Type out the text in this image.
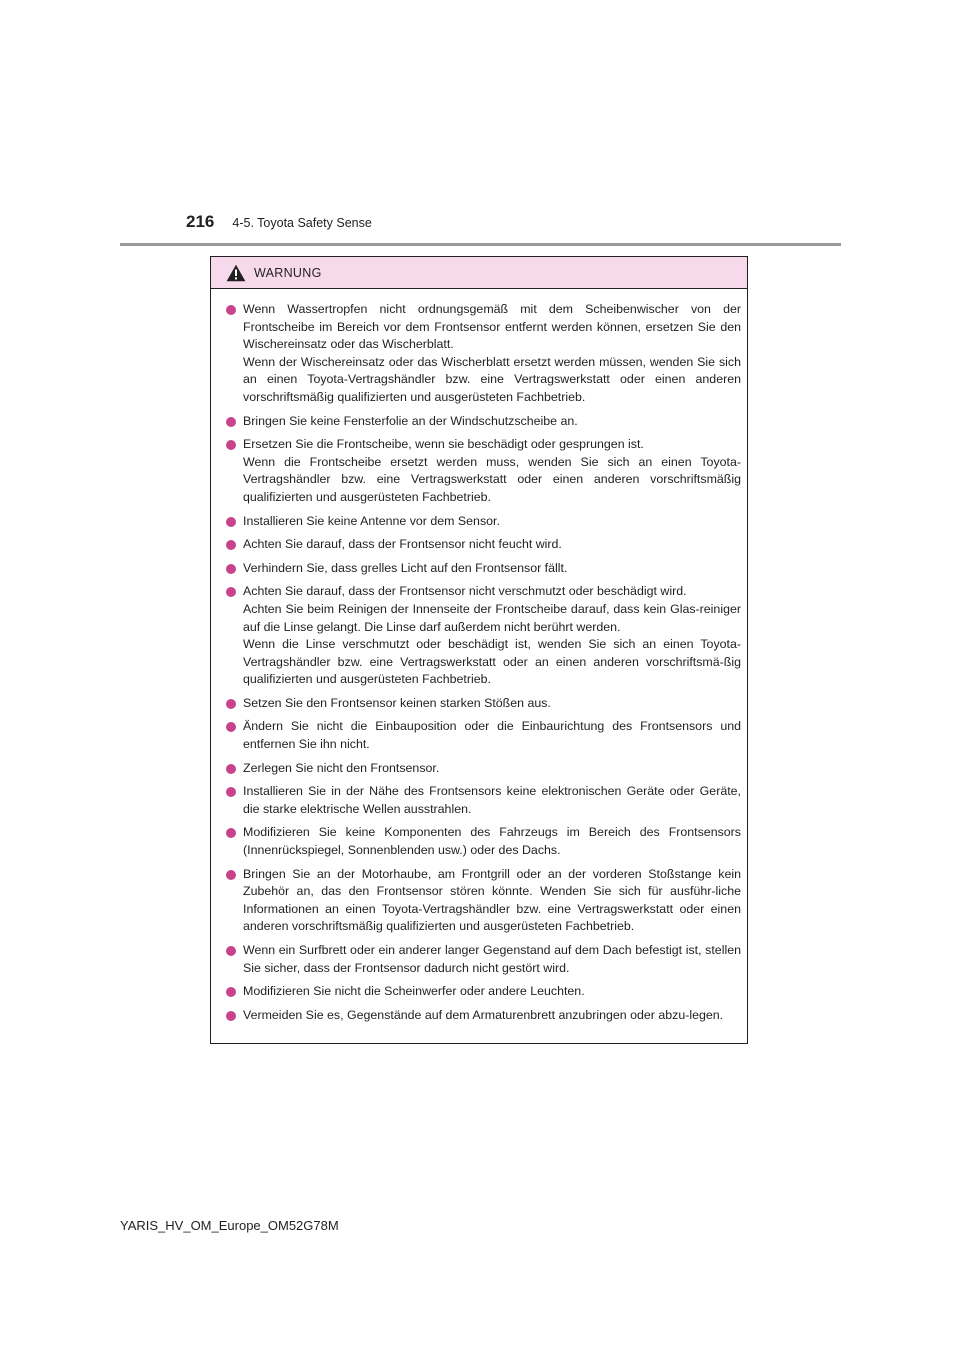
216 4-5. Toyota Safety Sense
WARNUNG

Wenn Wassertropfen nicht ordnungsgemäß mit dem Scheibenwischer von der Frontscheibe im Bereich vor dem Frontsensor entfernt werden können, ersetzen Sie den Wischereinsatz oder das Wischerblatt.

Wenn der Wischereinsatz oder das Wischerblatt ersetzt werden müssen, wenden Sie sich an einen Toyota-Vertragshändler bzw. eine Vertragswerkstatt oder einen anderen vorschriftsmäßig qualifizierten und ausgerüsteten Fachbetrieb.

Bringen Sie keine Fensterfolie an der Windschutzscheibe an.

Ersetzen Sie die Frontscheibe, wenn sie beschädigt oder gesprungen ist.

Wenn die Frontscheibe ersetzt werden muss, wenden Sie sich an einen Toyota-Vertragshändler bzw. eine Vertragswerkstatt oder einen anderen vorschriftsmäßig qualifizierten und ausgerüsteten Fachbetrieb.

Installieren Sie keine Antenne vor dem Sensor.

Achten Sie darauf, dass der Frontsensor nicht feucht wird.

Verhindern Sie, dass grelles Licht auf den Frontsensor fällt.

Achten Sie darauf, dass der Frontsensor nicht verschmutzt oder beschädigt wird.

Achten Sie beim Reinigen der Innenseite der Frontscheibe darauf, dass kein Glas-reiniger auf die Linse gelangt. Die Linse darf außerdem nicht berührt werden.

Wenn die Linse verschmutzt oder beschädigt ist, wenden Sie sich an einen Toyota-Vertragshändler bzw. eine Vertragswerkstatt oder an einen anderen vorschriftsmä-ßig qualifizierten und ausgerüsteten Fachbetrieb.

Setzen Sie den Frontsensor keinen starken Stößen aus.

Ändern Sie nicht die Einbauposition oder die Einbaurichtung des Frontsensors und entfernen Sie ihn nicht.

Zerlegen Sie nicht den Frontsensor.

Installieren Sie in der Nähe des Frontsensors keine elektronischen Geräte oder Geräte, die starke elektrische Wellen ausstrahlen.

Modifizieren Sie keine Komponenten des Fahrzeugs im Bereich des Frontsensors (Innenrückspiegel, Sonnenblenden usw.) oder des Dachs.

Bringen Sie an der Motorhaube, am Frontgrill oder an der vorderen Stoßstange kein Zubehör an, das den Frontsensor stören könnte. Wenden Sie sich für ausführ-liche Informationen an einen Toyota-Vertragshändler bzw. eine Vertragswerkstatt oder einen anderen vorschriftsmäßig qualifizierten und ausgerüsteten Fachbetrieb.

Wenn ein Surfbrett oder ein anderer langer Gegenstand auf dem Dach befestigt ist, stellen Sie sicher, dass der Frontsensor dadurch nicht gestört wird.

Modifizieren Sie nicht die Scheinwerfer oder andere Leuchten.

Vermeiden Sie es, Gegenstände auf dem Armaturenbrett anzubringen oder abzu-legen.

YARIS_HV_OM_Europe_OM52G78M
